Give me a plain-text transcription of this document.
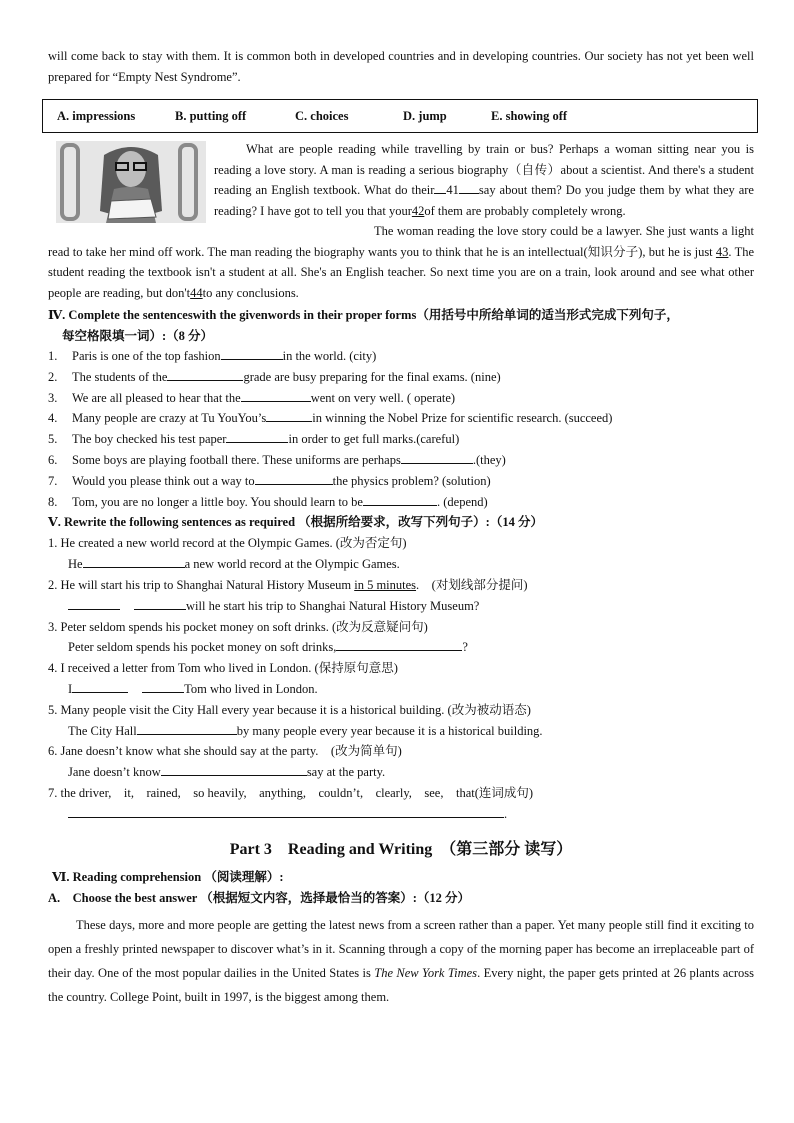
will come back to stay with them. It is common both in developed countries and in developing countries. Our society has not yet been well prepared for “Empty Nest Syndrome”.

A. impressions	B. putting off	C. choices	D. jump	E. showing off

What are people reading while travelling by train or bus? Perhaps a woman sitting near you is reading a love story. A man is reading a serious biography（自传）about a scientist. And there's a student reading an English textbook. What do their 41 say about them? Do you judge them by what they are reading? I have got to tell you that your42of them are probably completely wrong.

The woman reading the love story could be a lawyer. She just wants a light read to take her mind off work. The man reading the biography wants you to think that he is an intellectual(知识分子), but he is just 43. The student reading the textbook isn't a student at all. She's an English teacher. So next time you are on a train, look around and see what other people are reading, but don't44to any conclusions.

Ⅳ. Complete the sentenceswith the givenwords in their proper forms（用括号中所给单词的适当形式完成下列句子，

每空格限填一词）:（8 分）

1.	Paris is one of the top fashion	in the world. (city)
2.	The students of the	grade are busy preparing for the final exams. (nine)
3.	We are all pleased to hear that the	went on very well. ( operate)
4.	Many people are crazy at Tu YouYou’s	in winning the Nobel Prize for scientific research. (succeed)
5.	The boy checked his test paper	in order to get full marks.(careful)
6.	Some boys are playing football there. These uniforms are perhaps	.(they)
7.	Would you please think out a way to	the physics problem? (solution)
8.	Tom, you are no longer a little boy. You should learn to be	. (depend)

Ⅴ. Rewrite the following sentences as required （根据所给要求，改写下列句子）:（14 分）

1. He created a new world record at the Olympic Games. (改为否定句)

He	a new world record at the Olympic Games.

2. He will start his trip to Shanghai Natural History Museum in 5 minutes.　(对划线部分提问)

will he start his trip to Shanghai Natural History Museum?

3. Peter seldom spends his pocket money on soft drinks. (改为反意疑问句)

Peter seldom spends his pocket money on soft drinks,	?

4. I received a letter from Tom who lived in London. (保持原句意思)

I	Tom who lived in London.

5. Many people visit the City Hall every year because it is a historical building. (改为被动语态)

The City Hall	by many people every year because it is a historical building.

6. Jane doesn’t know what she should say at the party.　(改为简单句)

Jane doesn’t know	say at the party.

7. the driver,　it,　rained,　so heavily,　anything,　couldn’t,　clearly,　see,　that(连词成句)

.

Part 3　Reading and Writing　（第三部分 读写）

Ⅵ. Reading comprehension （阅读理解）:

A.　Choose the best answer （根据短文内容，选择最恰当的答案）:（12 分）

These days, more and more people are getting the latest news from a screen rather than a paper. Yet many people still find it exciting to open a freshly printed newspaper to discover what’s in it. Scanning through a copy of the morning paper has become an irreplaceable part of their day. One of the most popular dailies in the United States is The New York Times. Every night, the paper gets printed at 26 plants across the country. College Point, built in 1997, is the biggest among them.
